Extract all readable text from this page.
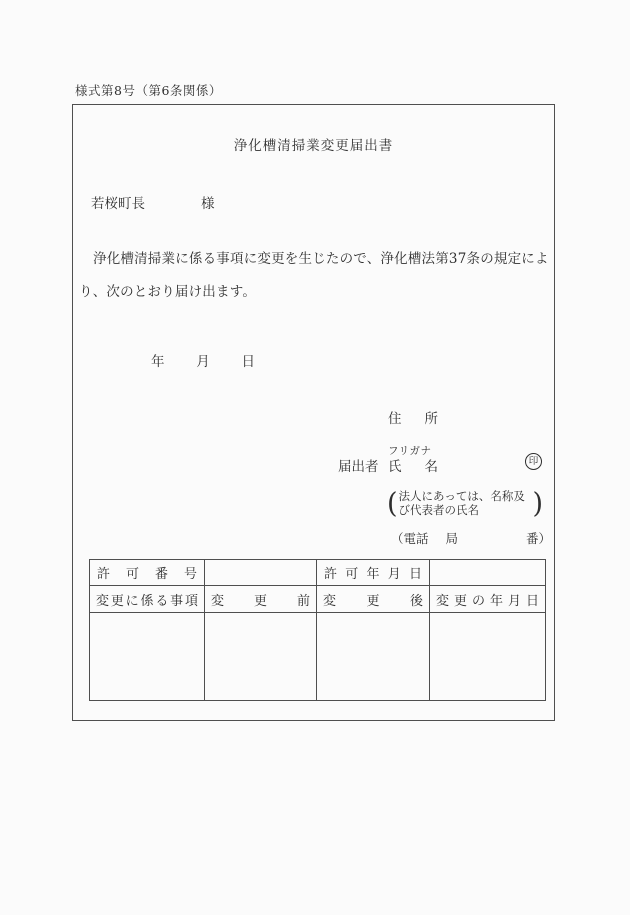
様式第8号（第6条関係）
浄化槽清掃業変更届出書
若桜町長	様
浄化槽清掃業に係る事項に変更を生じたので、浄化槽法第37条の規定により、次のとおり届け出ます。
年 月 日
住　所
フリガナ
届出者 氏　名	印
( 法人にあっては、名称及び代表者の氏名	)
（電話 局	番）
許可番号		許可年月日	
変更に係る事項	変更前	変更後	変更の年月日
